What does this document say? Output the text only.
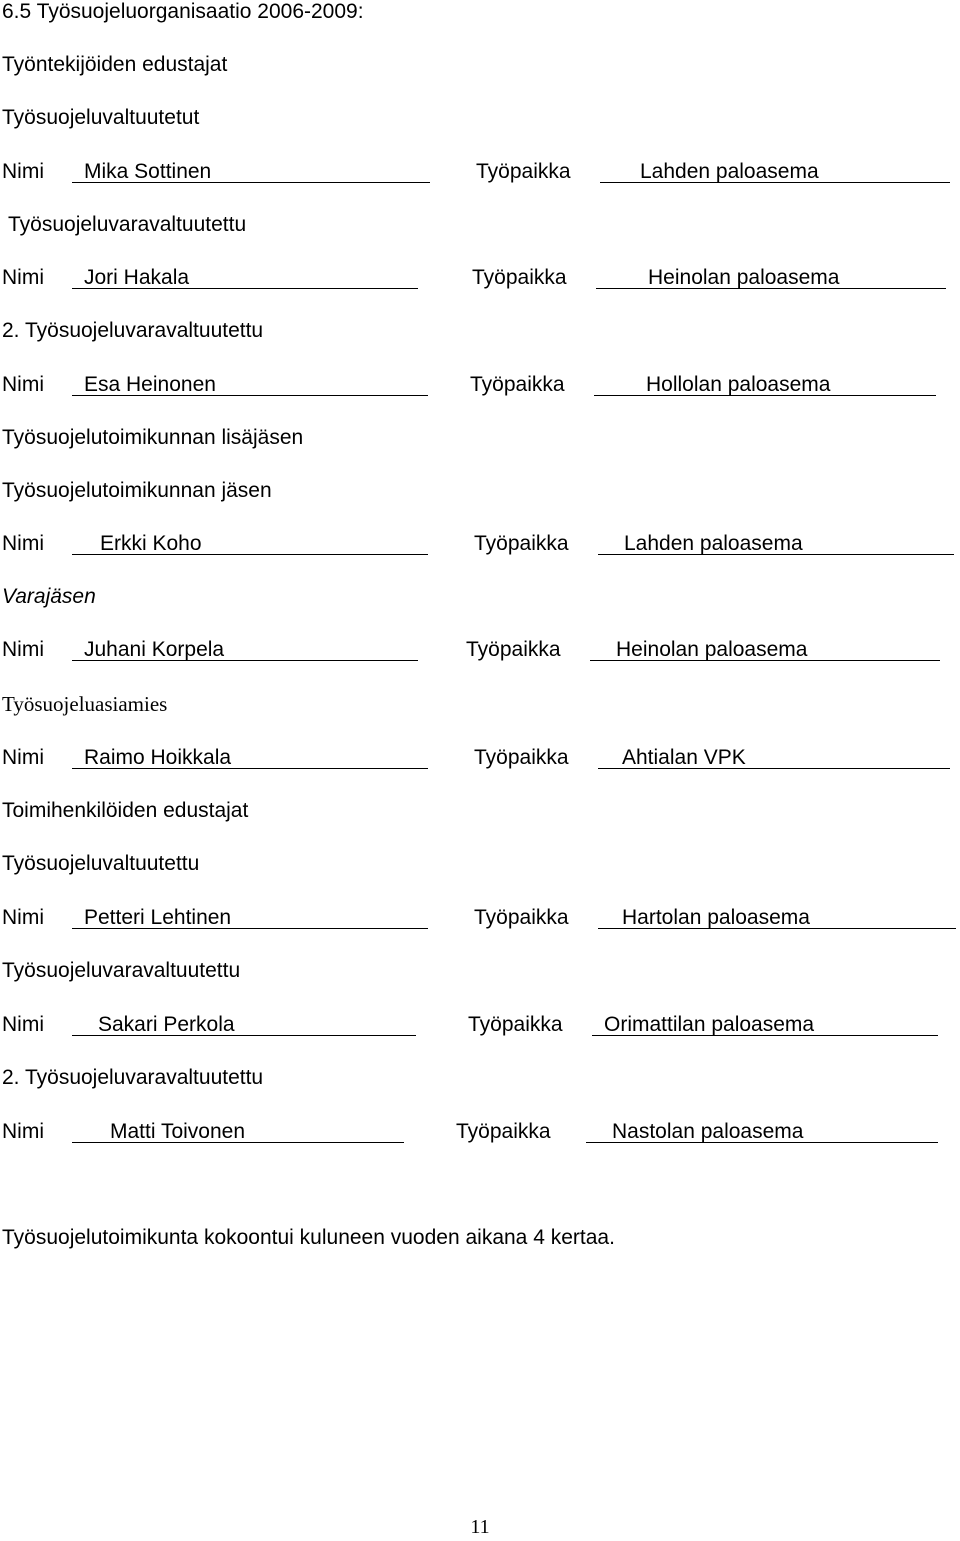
6.5 Työsuojeluorganisaatio 2006-2009:
Työntekijöiden edustajat
Työsuojeluvaltuutetut
Nimi	Mika Sottinen	Työpaikka	Lahden paloasema
Työsuojeluvaravaltuutettu
Nimi	Jori Hakala	Työpaikka	Heinolan paloasema
2. Työsuojeluvaravaltuutettu
Nimi	Esa Heinonen	Työpaikka	Hollolan paloasema
Työsuojelutoimikunnan lisäjäsen
Työsuojelutoimikunnan jäsen
Nimi	Erkki Koho	Työpaikka	Lahden paloasema
Varajäsen
Nimi	Juhani Korpela	Työpaikka	Heinolan paloasema
Työsuojeluasiamies
Nimi	Raimo Hoikkala	Työpaikka	Ahtialan VPK
Toimihenkilöiden edustajat
Työsuojeluvaltuutettu
Nimi	Petteri Lehtinen	Työpaikka	Hartolan paloasema
Työsuojeluvaravaltuutettu
Nimi	Sakari Perkola	Työpaikka	Orimattilan paloasema
2. Työsuojeluvaravaltuutettu
Nimi	Matti Toivonen	Työpaikka	Nastolan paloasema
Työsuojelutoimikunta kokoontui kuluneen vuoden aikana 4 kertaa.
11
